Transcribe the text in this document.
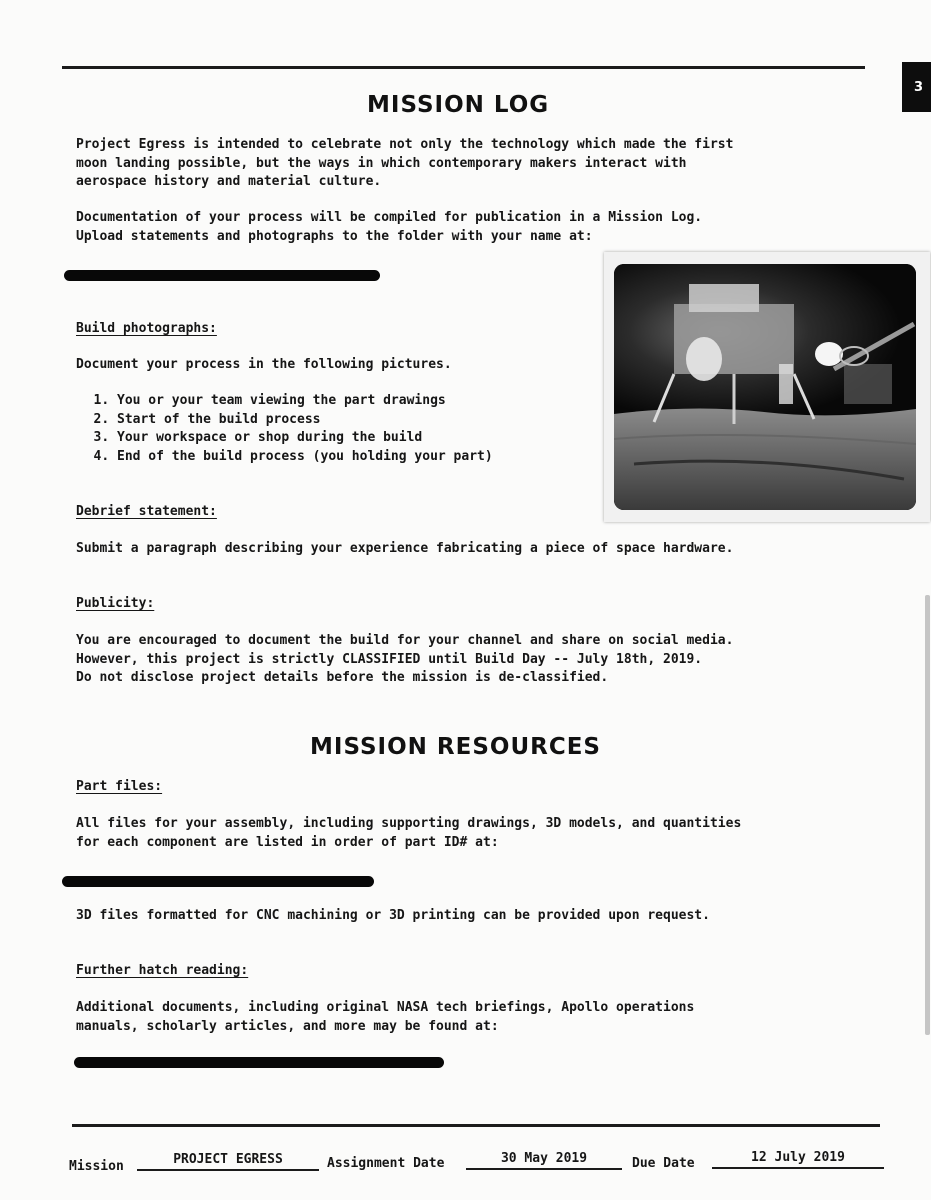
3
MISSION LOG
Project Egress is intended to celebrate not only the technology which made the first
moon landing possible, but the ways in which contemporary makers interact with
aerospace history and material culture.
Documentation of your process will be compiled for publication in a Mission Log.
Upload statements and photographs to the folder with your name at:
Build photographs:
Document your process in the following pictures.
1. You or your team viewing the part drawings
2. Start of the build process
3. Your workspace or shop during the build
4. End of the build process (you holding your part)
Debrief statement:
Submit a paragraph describing your experience fabricating a piece of space hardware.
Publicity:
You are encouraged to document the build for your channel and share on social media.
However, this project is strictly CLASSIFIED until Build Day -- July 18th, 2019.
Do not disclose project details before the mission is de-classified.
MISSION RESOURCES
Part files:
All files for your assembly, including supporting drawings, 3D models, and quantities
for each component are listed in order of part ID# at:
3D files formatted for CNC machining or 3D printing can be provided upon request.
Further hatch reading:
Additional documents, including original NASA tech briefings, Apollo operations
manuals, scholarly articles, and more may be found at:
Mission	PROJECT EGRESS	Assignment Date	30 May 2019	Due Date	12 July 2019
